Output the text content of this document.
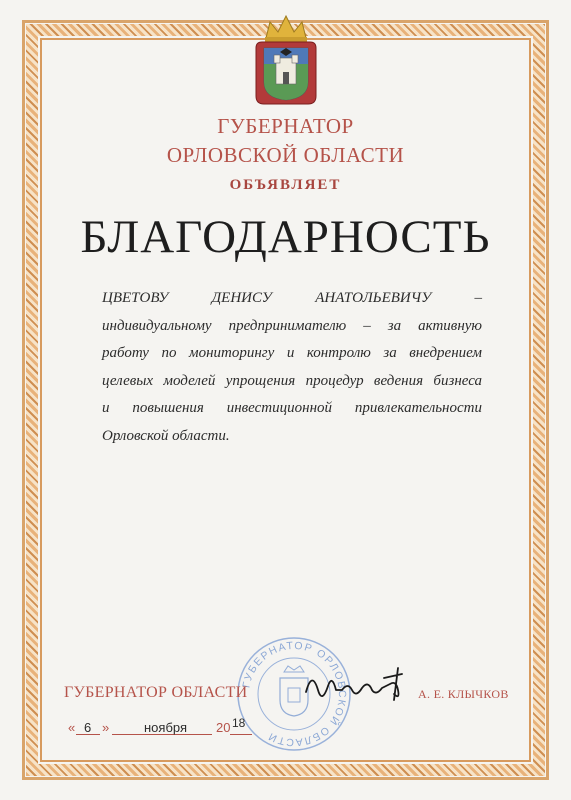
ГУБЕРНАТОР
ОРЛОВСКОЙ ОБЛАСТИ
ОБЪЯВЛЯЕТ
БЛАГОДАРНОСТЬ
ЦВЕТОВУ ДЕНИСУ АНАТОЛЬЕВИЧУ –
индивидуальному предпринимателю – за активную
работу по мониторингу и контролю за внедрением
целевых моделей упрощения процедур ведения бизнеса
и повышения инвестиционной привлекательности
Орловской области.
ГУБЕРНАТОР ОРЛОВСКОЙ ОБЛАСТИ
ГУБЕРНАТОР ОБЛАСТИ	А. Е. КЛЫЧКОВ
« 6 »	ноября 20 18
